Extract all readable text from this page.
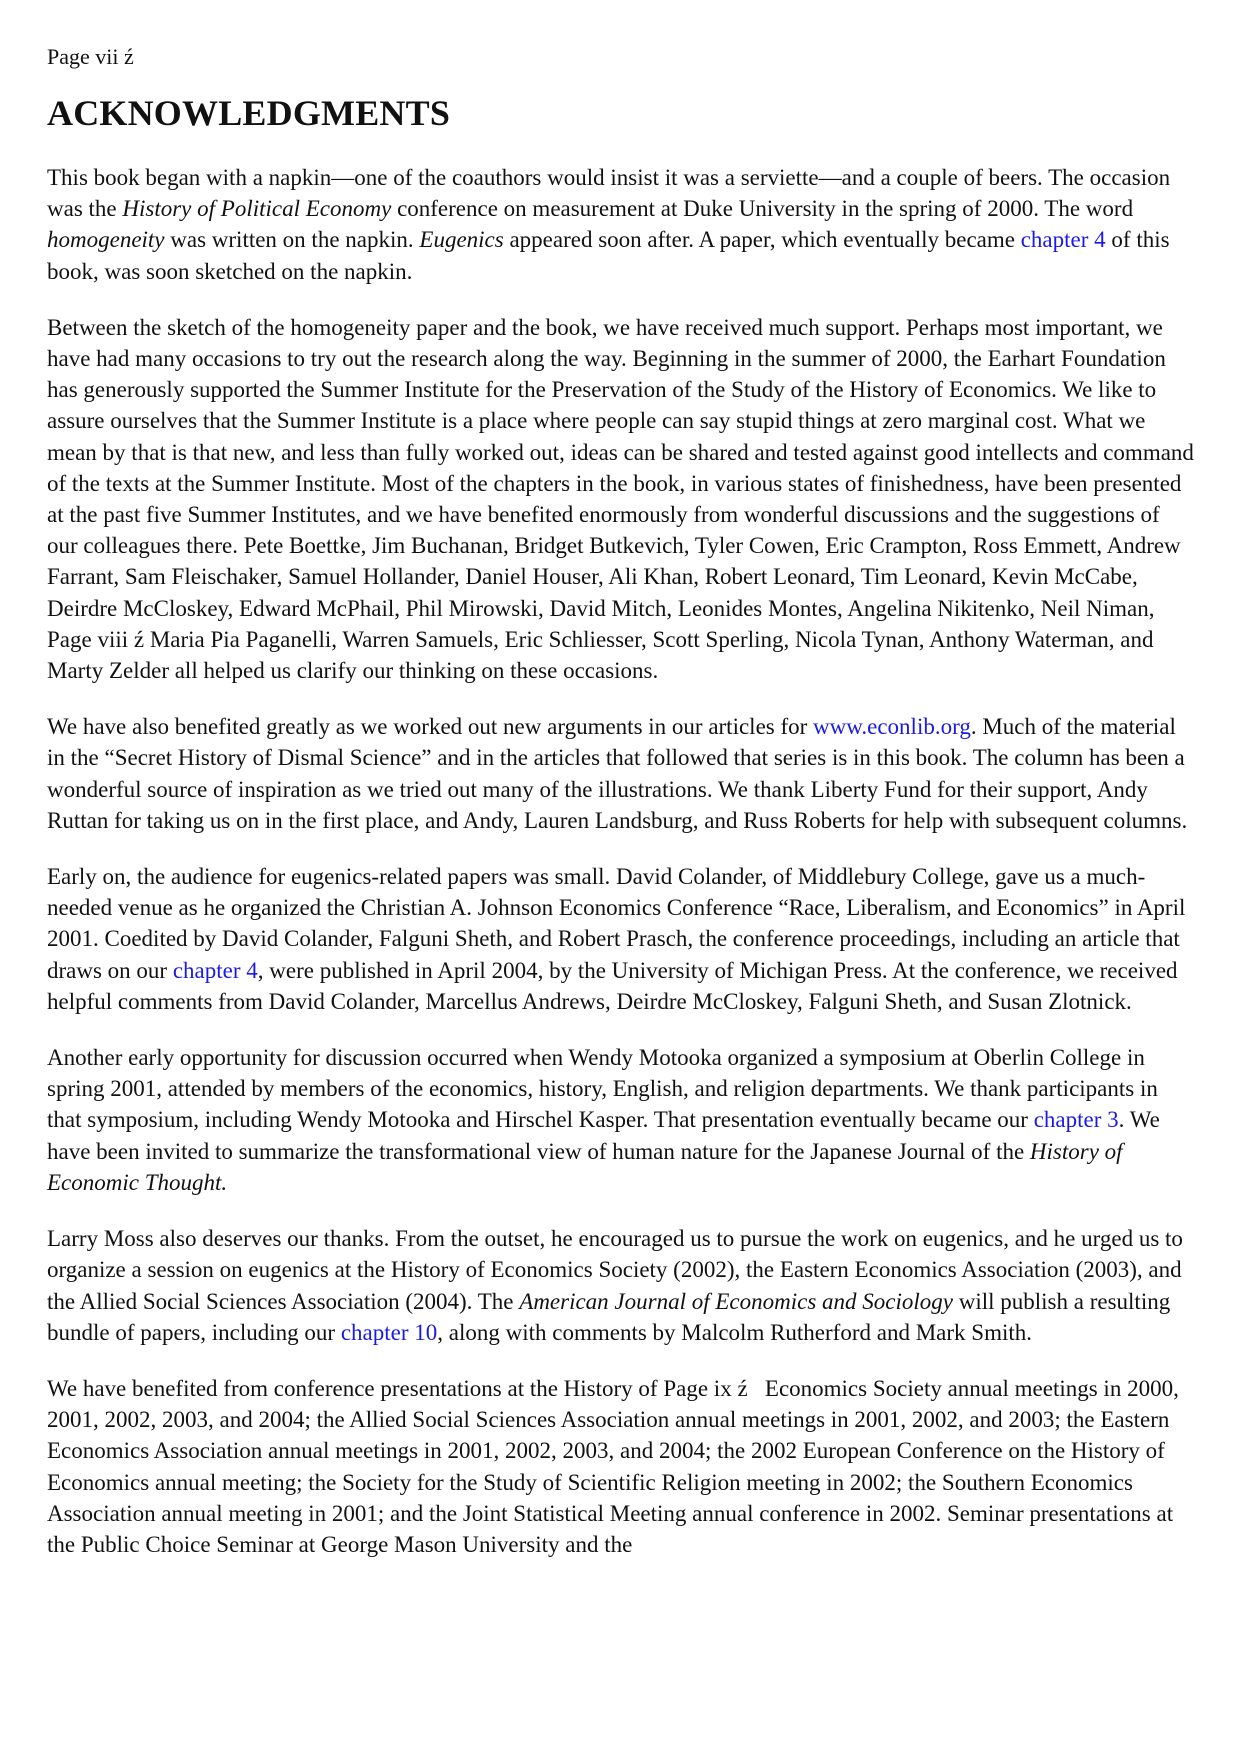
Page vii ź

ACKNOWLEDGMENTS

This book began with a napkin—one of the coauthors would insist it was a serviette—and a couple of beers. The occasion was the History of Political Economy conference on measurement at Duke University in the spring of 2000. The word homogeneity was written on the napkin. Eugenics appeared soon after. A paper, which eventually became chapter 4 of this book, was soon sketched on the napkin.

Between the sketch of the homogeneity paper and the book, we have received much support. Perhaps most important, we have had many occasions to try out the research along the way. Beginning in the summer of 2000, the Earhart Foundation has generously supported the Summer Institute for the Preservation of the Study of the History of Economics. We like to assure ourselves that the Summer Institute is a place where people can say stupid things at zero marginal cost. What we mean by that is that new, and less than fully worked out, ideas can be shared and tested against good intellects and command of the texts at the Summer Institute. Most of the chapters in the book, in various states of finishedness, have been presented at the past five Summer Institutes, and we have benefited enormously from wonderful discussions and the suggestions of our colleagues there. Pete Boettke, Jim Buchanan, Bridget Butkevich, Tyler Cowen, Eric Crampton, Ross Emmett, Andrew Farrant, Sam Fleischaker, Samuel Hollander, Daniel Houser, Ali Khan, Robert Leonard, Tim Leonard, Kevin McCabe, Deirdre McCloskey, Edward McPhail, Phil Mirowski, David Mitch, Leonides Montes, Angelina Nikitenko, Neil Niman, Page viii ź Maria Pia Paganelli, Warren Samuels, Eric Schliesser, Scott Sperling, Nicola Tynan, Anthony Waterman, and Marty Zelder all helped us clarify our thinking on these occasions.

We have also benefited greatly as we worked out new arguments in our articles for www.econlib.org. Much of the material in the “Secret History of Dismal Science” and in the articles that followed that series is in this book. The column has been a wonderful source of inspiration as we tried out many of the illustrations. We thank Liberty Fund for their support, Andy Ruttan for taking us on in the first place, and Andy, Lauren Landsburg, and Russ Roberts for help with subsequent columns.

Early on, the audience for eugenics-related papers was small. David Colander, of Middlebury College, gave us a much-needed venue as he organized the Christian A. Johnson Economics Conference “Race, Liberalism, and Economics” in April 2001. Coedited by David Colander, Falguni Sheth, and Robert Prasch, the conference proceedings, including an article that draws on our chapter 4, were published in April 2004, by the University of Michigan Press. At the conference, we received helpful comments from David Colander, Marcellus Andrews, Deirdre McCloskey, Falguni Sheth, and Susan Zlotnick.

Another early opportunity for discussion occurred when Wendy Motooka organized a symposium at Oberlin College in spring 2001, attended by members of the economics, history, English, and religion departments. We thank participants in that symposium, including Wendy Motooka and Hirschel Kasper. That presentation eventually became our chapter 3. We have been invited to summarize the transformational view of human nature for the Japanese Journal of the History of Economic Thought.

Larry Moss also deserves our thanks. From the outset, he encouraged us to pursue the work on eugenics, and he urged us to organize a session on eugenics at the History of Economics Society (2002), the Eastern Economics Association (2003), and the Allied Social Sciences Association (2004). The American Journal of Economics and Sociology will publish a resulting bundle of papers, including our chapter 10, along with comments by Malcolm Rutherford and Mark Smith.

We have benefited from conference presentations at the History of Page ix ź   Economics Society annual meetings in 2000, 2001, 2002, 2003, and 2004; the Allied Social Sciences Association annual meetings in 2001, 2002, and 2003; the Eastern Economics Association annual meetings in 2001, 2002, 2003, and 2004; the 2002 European Conference on the History of Economics annual meeting; the Society for the Study of Scientific Religion meeting in 2002; the Southern Economics Association annual meeting in 2001; and the Joint Statistical Meeting annual conference in 2002. Seminar presentations at the Public Choice Seminar at George Mason University and the
